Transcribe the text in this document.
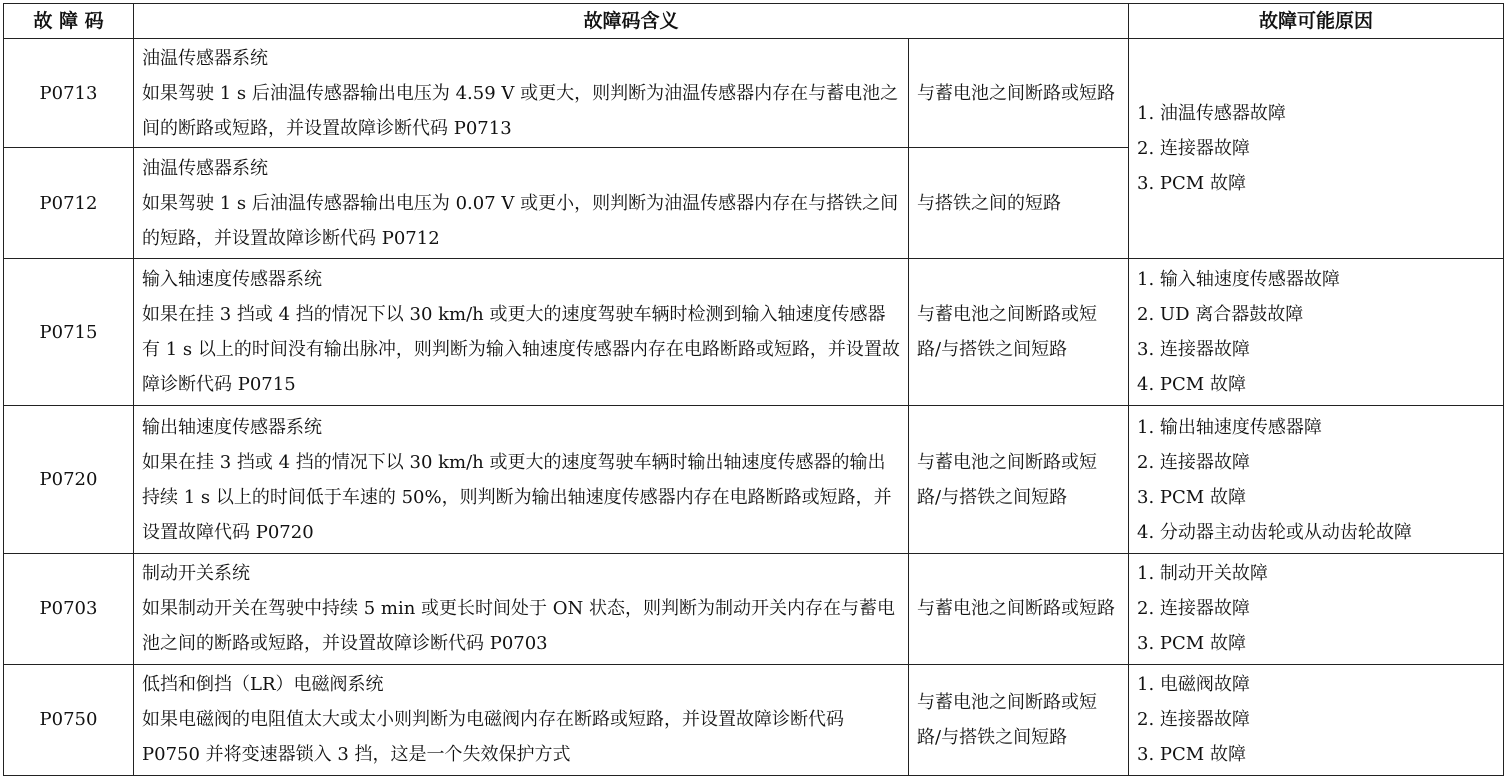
故 障 码	故障码含义		故障可能原因
P0713	油温传感器系统
如果驾驶 1 s 后油温传感器输出电压为 4.59 V 或更大，则判断为油温传感器内存在与蓄电池之间的断路或短路，并设置故障诊断代码 P0713	与蓄电池之间断路或短路	1. 油温传感器故障
2. 连接器故障
3. PCM 故障

P0712	油温传感器系统
如果驾驶 1 s 后油温传感器输出电压为 0.07 V 或更小，则判断为油温传感器内存在与搭铁之间的短路，并设置故障诊断代码 P0712	与搭铁之间的短路	
P0715	输入轴速度传感器系统
如果在挂 3 挡或 4 挡的情况下以 30 km/h 或更大的速度驾驶车辆时检测到输入轴速度传感器有 1 s 以上的时间没有输出脉冲，则判断为输入轴速度传感器内存在电路断路或短路，并设置故障诊断代码 P0715	与蓄电池之间断路或短路/与搭铁之间短路	1. 输入轴速度传感器故障
2. UD 离合器鼓故障
3. 连接器故障
4. PCM 故障

P0720	输出轴速度传感器系统
如果在挂 3 挡或 4 挡的情况下以 30 km/h 或更大的速度驾驶车辆时输出轴速度传感器的输出持续 1 s 以上的时间低于车速的 50%，则判断为输出轴速度传感器内存在电路断路或短路，并设置故障代码 P0720	与蓄电池之间断路或短路/与搭铁之间短路	1. 输出轴速度传感器障
2. 连接器故障
3. PCM 故障
4. 分动器主动齿轮或从动齿轮故障

P0703	制动开关系统
如果制动开关在驾驶中持续 5 min 或更长时间处于 ON 状态，则判断为制动开关内存在与蓄电池之间的断路或短路，并设置故障诊断代码 P0703	与蓄电池之间断路或短路	1. 制动开关故障
2. 连接器故障
3. PCM 故障

P0750	低挡和倒挡（LR）电磁阀系统
如果电磁阀的电阻值太大或太小则判断为电磁阀内存在断路或短路，并设置故障诊断代码 P0750 并将变速器锁入 3 挡，这是一个失效保护方式	与蓄电池之间断路或短路/与搭铁之间短路	1. 电磁阀故障
2. 连接器故障
3. PCM 故障
